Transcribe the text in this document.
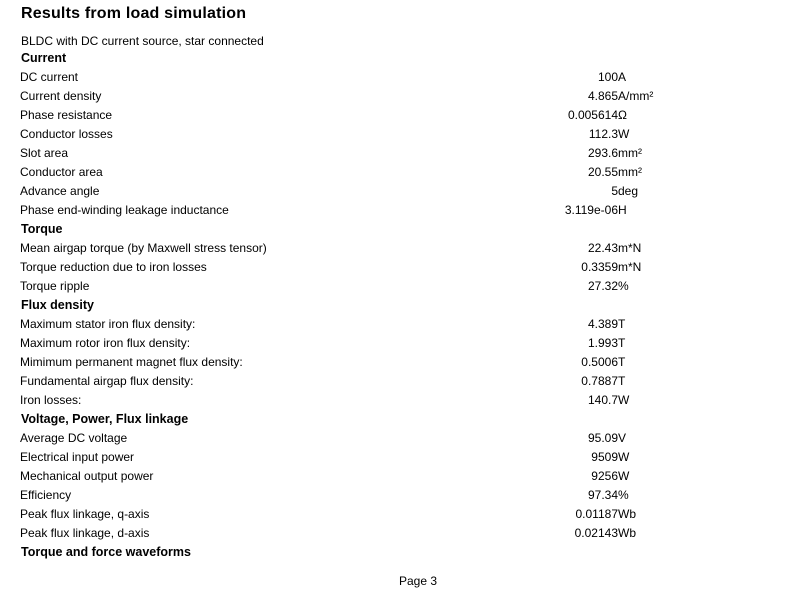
Results from load simulation
BLDC with DC current source, star connected
Current
DC current	100A
Current density	4.865A/mm²
Phase resistance	0.005614Ω
Conductor losses	112.3W
Slot area	293.6mm²
Conductor area	20.55mm²
Advance angle	5deg
Phase end-winding leakage inductance	3.119e-06H
Torque
Mean airgap torque (by Maxwell stress tensor)	22.43m*N
Torque reduction due to iron losses	0.3359m*N
Torque ripple	27.32%
Flux density
Maximum stator iron flux density:	4.389T
Maximum rotor iron flux density:	1.993T
Mimimum permanent magnet flux density:	0.5006T
Fundamental airgap flux density:	0.7887T
Iron losses:	140.7W
Voltage, Power, Flux linkage
Average DC voltage	95.09V
Electrical input power	9509W
Mechanical output power	9256W
Efficiency	97.34%
Peak flux linkage, q-axis	0.01187Wb
Peak flux linkage, d-axis	0.02143Wb
Torque and force waveforms
Page 3
